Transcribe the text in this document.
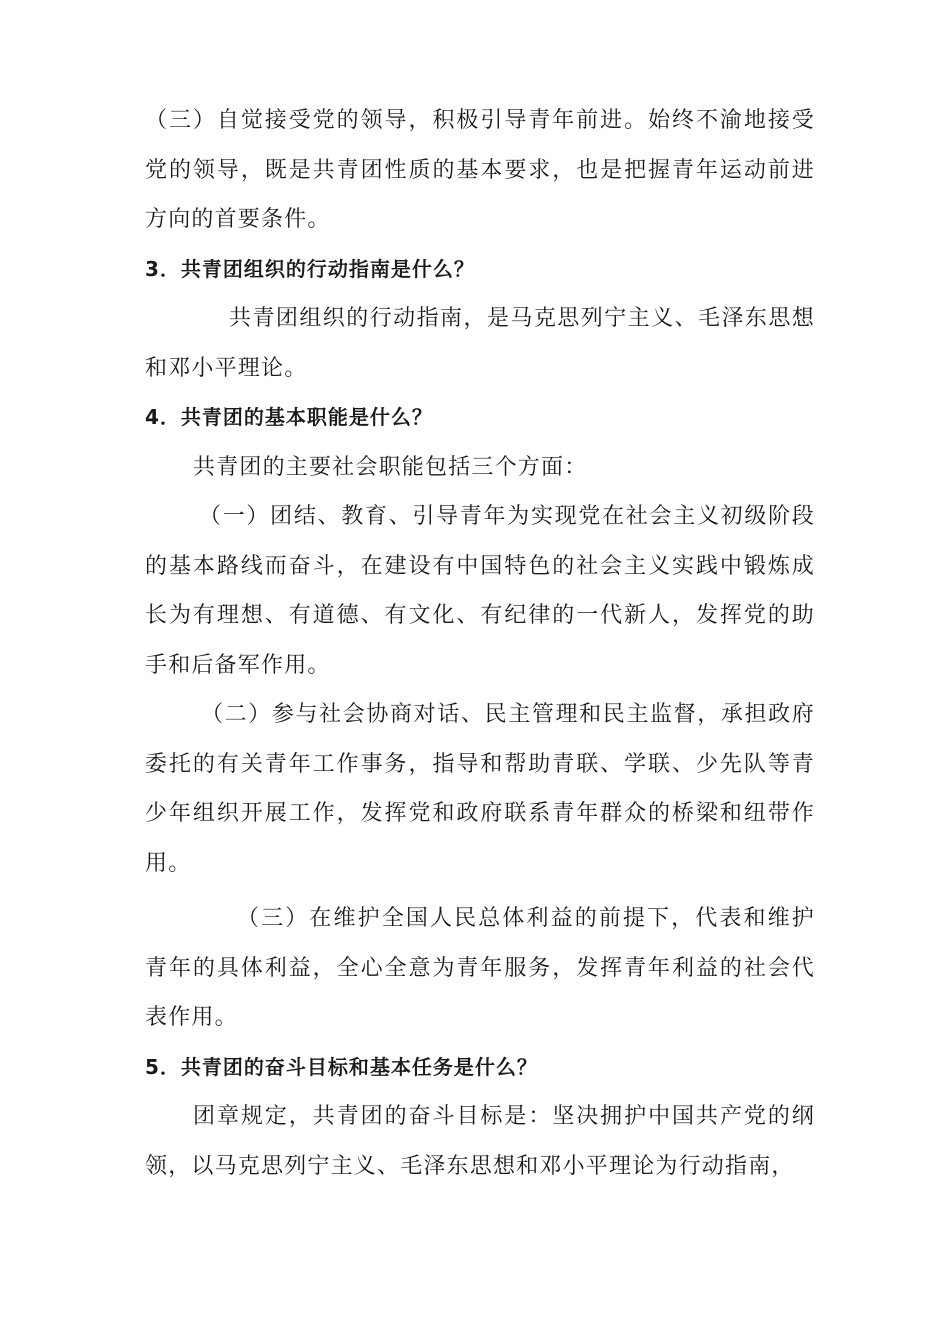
（三）自觉接受党的领导，积极引导青年前进。始终不渝地接受党的领导，既是共青团性质的基本要求，也是把握青年运动前进方向的首要条件。

3．共青团组织的行动指南是什么？

共青团组织的行动指南，是马克思列宁主义、毛泽东思想和邓小平理论。

4．共青团的基本职能是什么？

共青团的主要社会职能包括三个方面：

（一）团结、教育、引导青年为实现党在社会主义初级阶段的基本路线而奋斗，在建设有中国特色的社会主义实践中锻炼成长为有理想、有道德、有文化、有纪律的一代新人，发挥党的助手和后备军作用。

（二）参与社会协商对话、民主管理和民主监督，承担政府委托的有关青年工作事务，指导和帮助青联、学联、少先队等青少年组织开展工作，发挥党和政府联系青年群众的桥梁和纽带作用。

（三）在维护全国人民总体利益的前提下，代表和维护青年的具体利益，全心全意为青年服务，发挥青年利益的社会代表作用。

5．共青团的奋斗目标和基本任务是什么？

团章规定，共青团的奋斗目标是：坚决拥护中国共产党的纲领，以马克思列宁主义、毛泽东思想和邓小平理论为行动指南，
